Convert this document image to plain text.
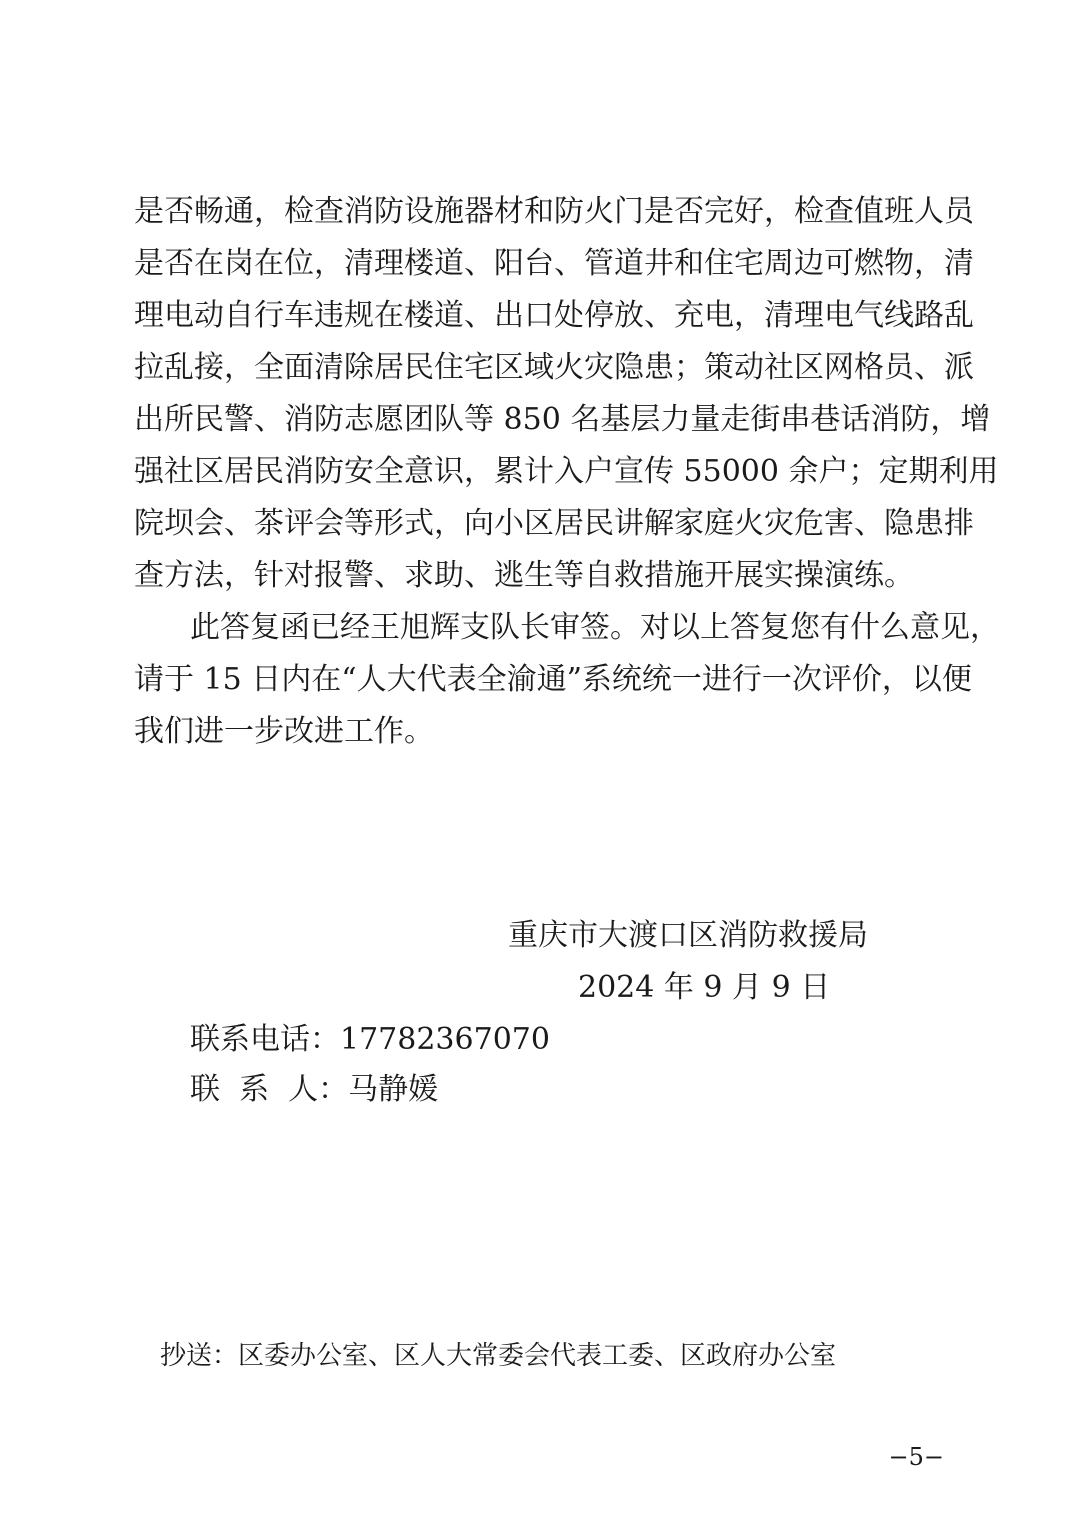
是否畅通，检查消防设施器材和防火门是否完好，检查值班人员
是否在岗在位，清理楼道、阳台、管道井和住宅周边可燃物，清
理电动自行车违规在楼道、出口处停放、充电，清理电气线路乱
拉乱接，全面清除居民住宅区域火灾隐患；策动社区网格员、派
出所民警、消防志愿团队等 850 名基层力量走街串巷话消防，增
强社区居民消防安全意识，累计入户宣传 55000 余户；定期利用
院坝会、茶评会等形式，向小区居民讲解家庭火灾危害、隐患排
查方法，针对报警、求助、逃生等自救措施开展实操演练。
此答复函已经王旭辉支队长审签。对以上答复您有什么意见，
请于 15 日内在“人大代表全渝通”系统统一进行一次评价，以便
我们进一步改进工作。
重庆市大渡口区消防救援局
2024 年 9 月 9 日
联系电话：17782367070
联  系  人：马静媛
抄送：区委办公室、区人大常委会代表工委、区政府办公室
−5−
